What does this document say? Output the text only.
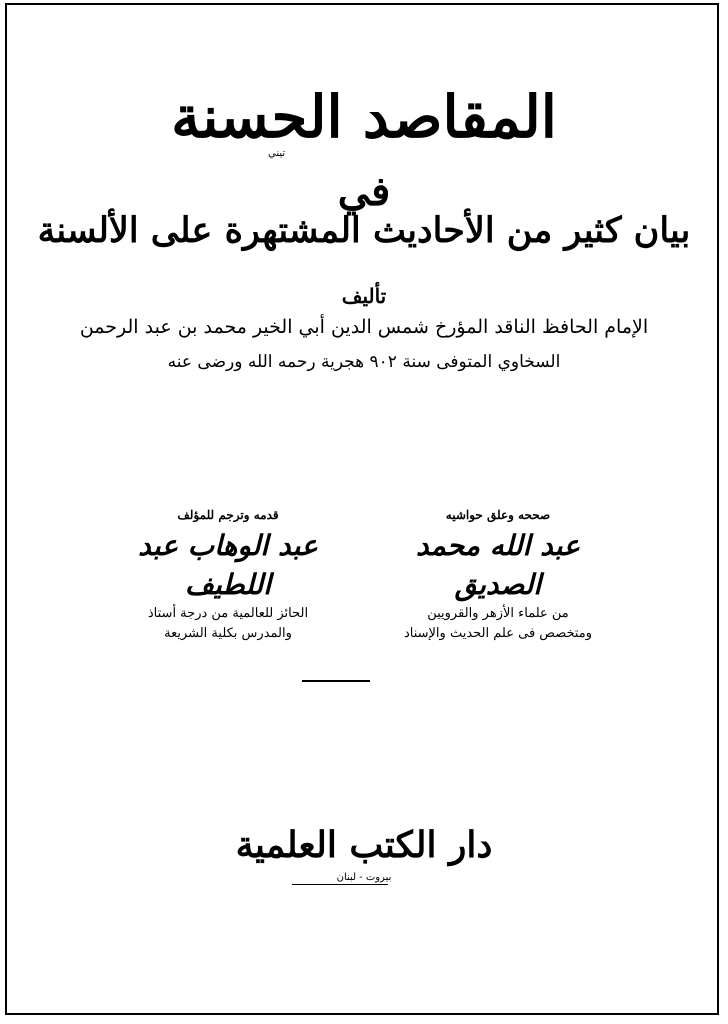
المقاصد الحسنة
تيني
في
بيان كثير من الأحاديث المشتهرة على الألسنة
تأليف
الإمام الحافظ الناقد المؤرخ شمس الدين أبي الخير محمد بن عبد الرحمن
السخاوي المتوفى سنة ٩٠٢ هجرية رحمه الله ورضى عنه
قدمه وترجم للمؤلف
عبد الوهاب عبد اللطيف
الحائز للعالمية من درجة أستاذ
والمدرس بكلية الشريعة
صححه وعلق حواشيه
عبد الله محمد الصديق
من علماء الأزهر والقرويين
ومتخصص فى علم الحديث والإسناد
دار الكتب العلمية
بيروت - لبنان
